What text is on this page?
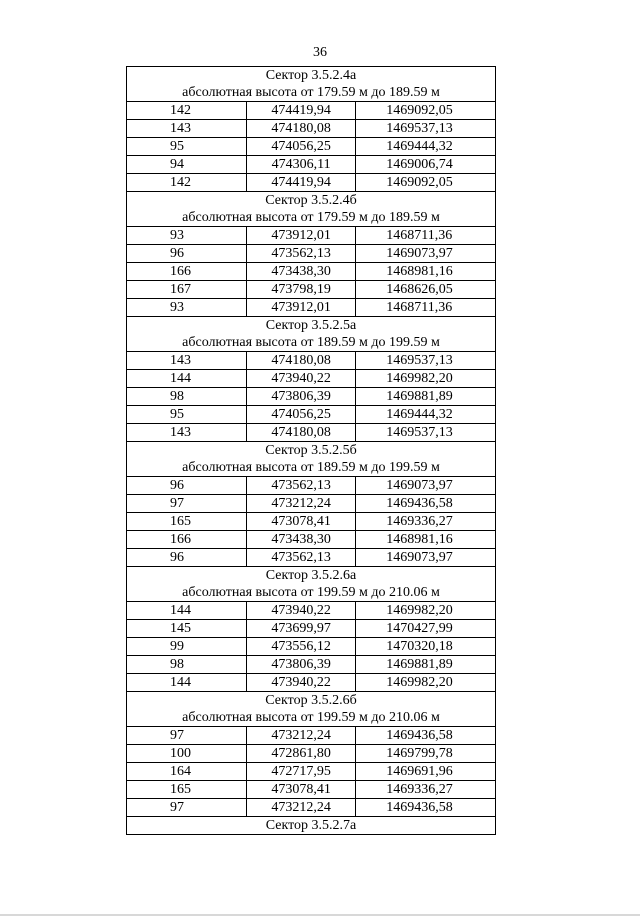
36
Сектор 3.5.2.4а		
абсолютная высота от 179.59 м до 189.59 м		
142	474419,94	1469092,05
143	474180,08	1469537,13
95	474056,25	1469444,32
94	474306,11	1469006,74
142	474419,94	1469092,05
Сектор 3.5.2.4б		
абсолютная высота от 179.59 м до 189.59 м		
93	473912,01	1468711,36
96	473562,13	1469073,97
166	473438,30	1468981,16
167	473798,19	1468626,05
93	473912,01	1468711,36
Сектор 3.5.2.5а		
абсолютная высота от 189.59 м до 199.59 м		
143	474180,08	1469537,13
144	473940,22	1469982,20
98	473806,39	1469881,89
95	474056,25	1469444,32
143	474180,08	1469537,13
Сектор 3.5.2.5б		
абсолютная высота от 189.59 м до 199.59 м		
96	473562,13	1469073,97
97	473212,24	1469436,58
165	473078,41	1469336,27
166	473438,30	1468981,16
96	473562,13	1469073,97
Сектор 3.5.2.6а		
абсолютная высота от 199.59 м до 210.06 м		
144	473940,22	1469982,20
145	473699,97	1470427,99
99	473556,12	1470320,18
98	473806,39	1469881,89
144	473940,22	1469982,20
Сектор 3.5.2.6б		
абсолютная высота от 199.59 м до 210.06 м		
97	473212,24	1469436,58
100	472861,80	1469799,78
164	472717,95	1469691,96
165	473078,41	1469336,27
97	473212,24	1469436,58
Сектор 3.5.2.7а		
